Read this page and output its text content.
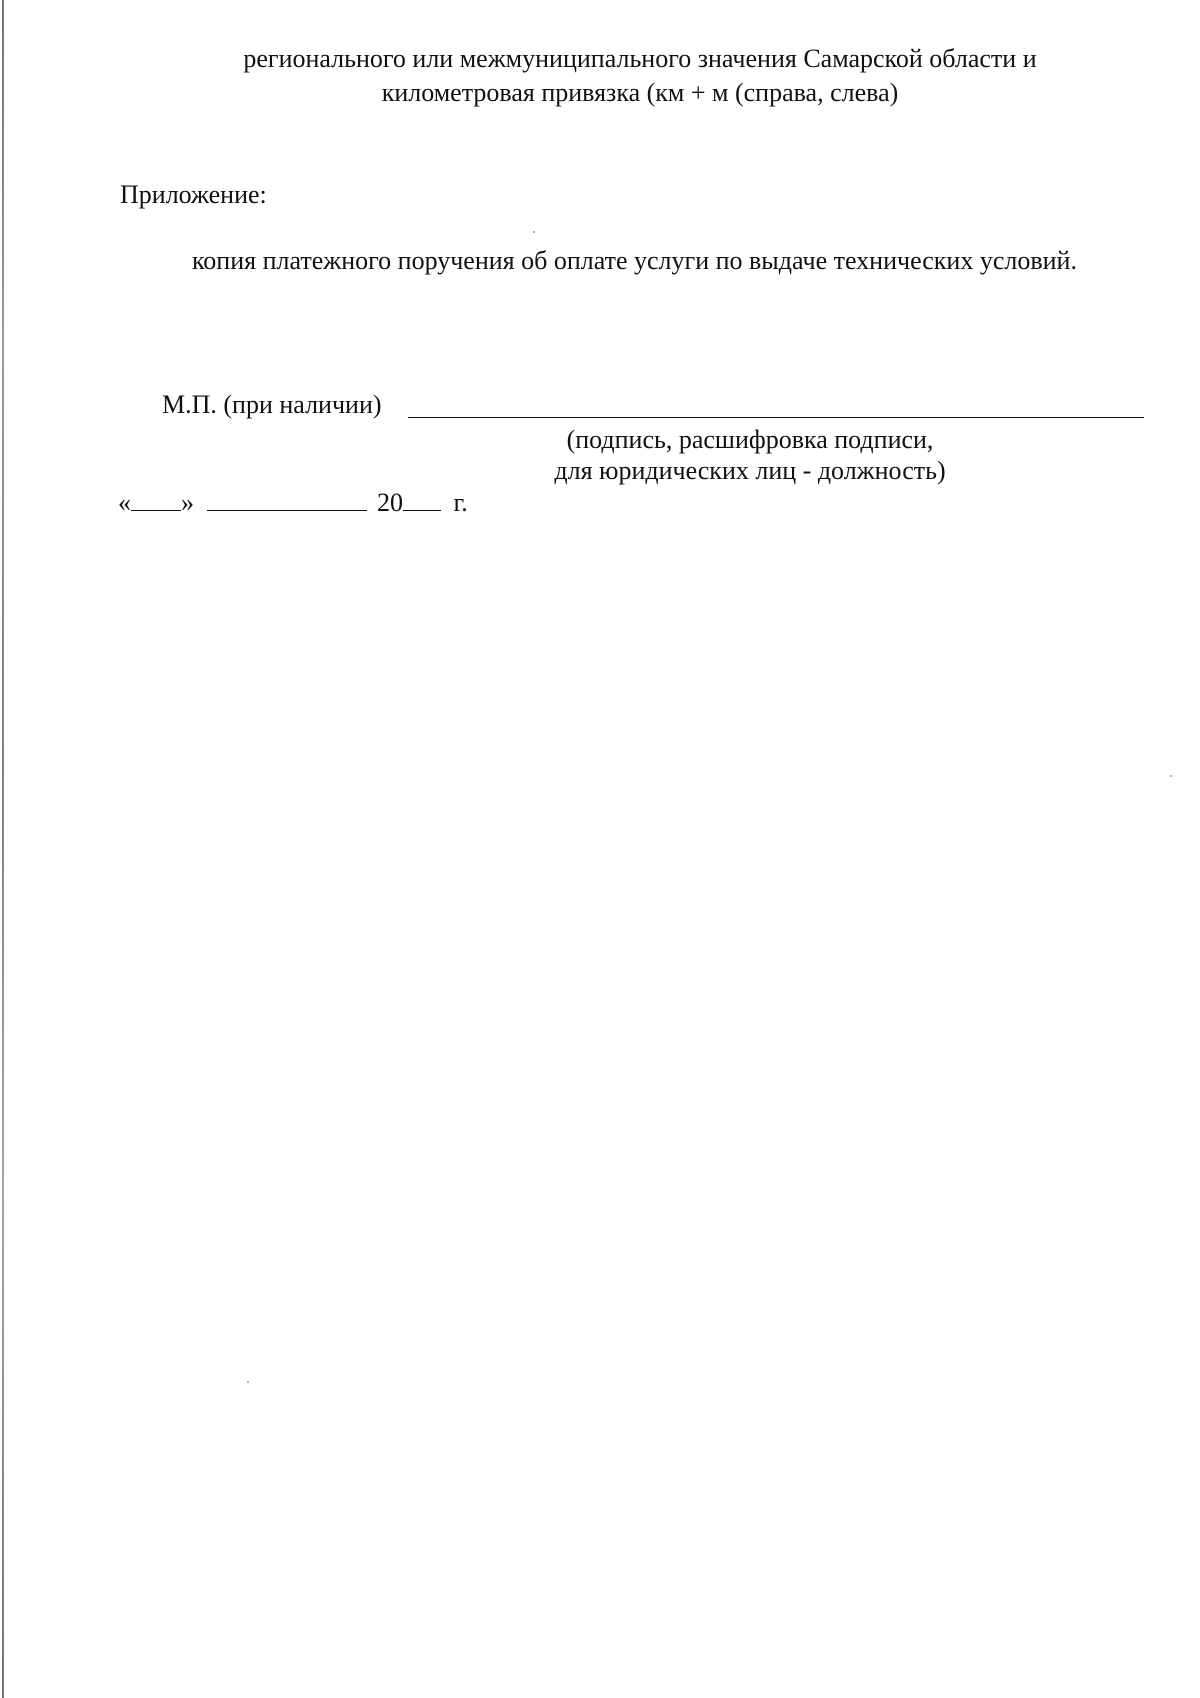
регионального или межмуниципального значения Самарской области и
километровая привязка (км + м (справа, слева)
Приложение:
копия платежного поручения об оплате услуги по выдаче технических условий.
М.П. (при наличии)
(подпись, расшифровка подписи,
для юридических лиц - должность)
« »	20 г.
